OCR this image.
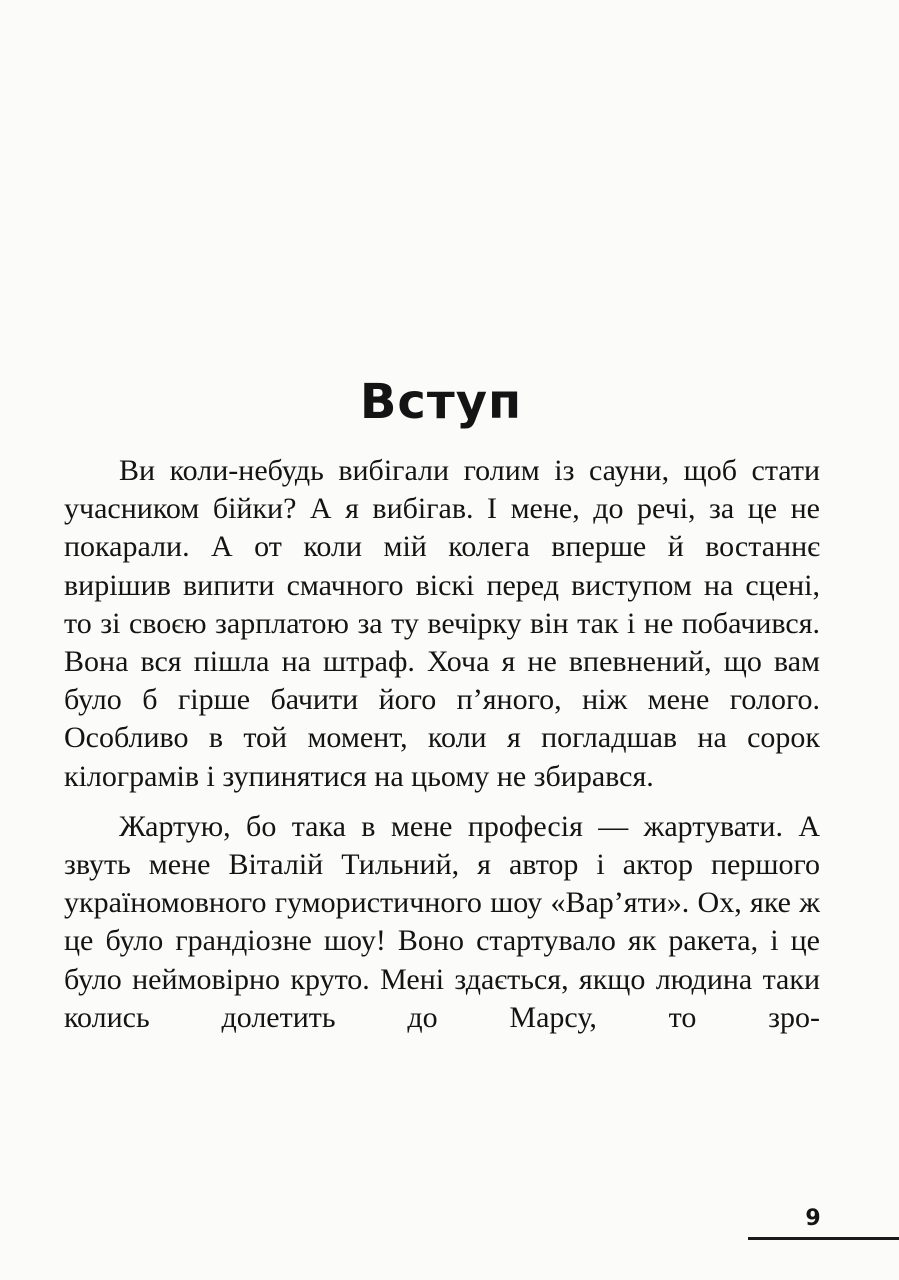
Вступ

Ви коли-небудь вибігали голим із сауни, щоб стати учасником бійки? А я вибігав. І мене, до речі, за це не покарали. А от коли мій колега вперше й востаннє вирішив випити смачного віскі перед виступом на сцені, то зі своєю зарплатою за ту вечірку він так і не побачився. Вона вся пішла на штраф. Хоча я не впевнений, що вам було б гірше бачити його п’яного, ніж мене голого. Особливо в той момент, коли я погладшав на сорок кілограмів і зупинятися на цьому не збирався.

Жартую, бо така в мене професія — жартувати. А звуть мене Віталій Тильний, я автор і актор першого україномовного гумористичного шоу «Вар’яти». Ох, яке ж це було грандіозне шоу! Воно стартувало як ракета, і це було неймовірно круто. Мені здається, якщо людина таки колись долетить до Марсу, то зро-

9
